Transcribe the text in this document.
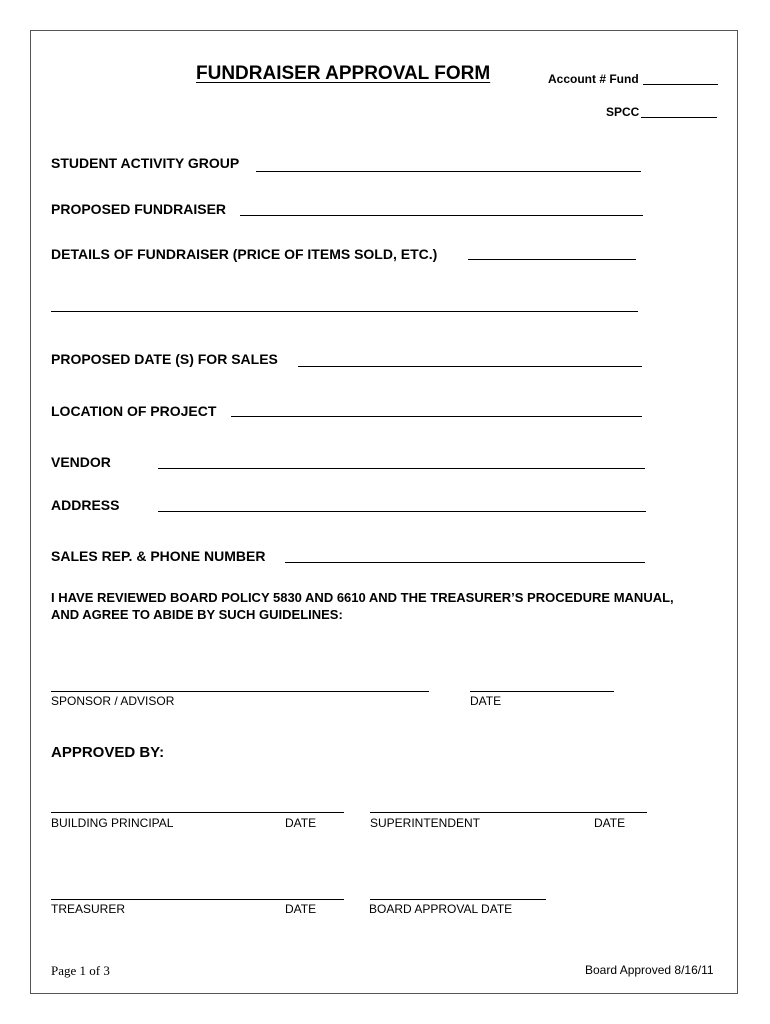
FUNDRAISER APPROVAL FORM	Account # Fund
SPCC
STUDENT ACTIVITY GROUP
PROPOSED FUNDRAISER
DETAILS OF FUNDRAISER (PRICE OF ITEMS SOLD, ETC.)
PROPOSED DATE (S) FOR SALES
LOCATION OF PROJECT
VENDOR
ADDRESS
SALES REP. & PHONE NUMBER
I HAVE REVIEWED BOARD POLICY 5830 AND 6610 AND THE TREASURER’S PROCEDURE MANUAL, AND AGREE TO ABIDE BY SUCH GUIDELINES:
SPONSOR / ADVISOR	DATE
APPROVED BY:
BUILDING PRINCIPAL	DATE	SUPERINTENDENT	DATE
TREASURER	DATE	BOARD APPROVAL DATE
Page 1 of 3	Board Approved 8/16/11
